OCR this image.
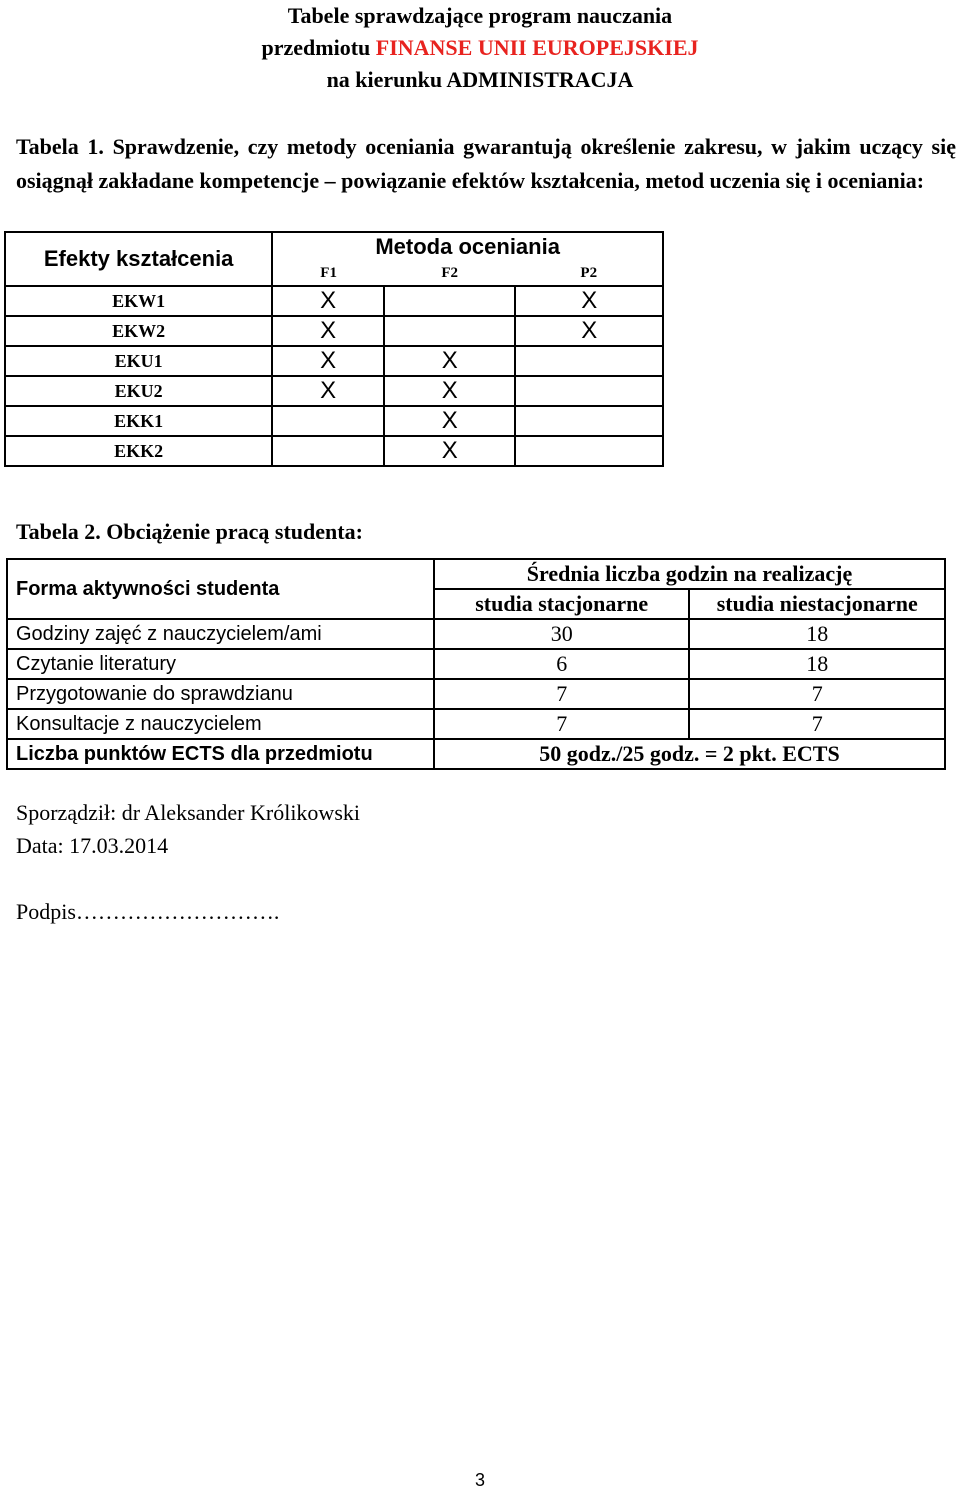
Tabele sprawdzające program nauczania
przedmiotu FINANSE UNII EUROPEJSKIEJ
na kierunku ADMINISTRACJA
Tabela 1. Sprawdzenie, czy metody oceniania gwarantują określenie zakresu, w jakim uczący się osiągnął zakładane kompetencje – powiązanie efektów kształcenia, metod uczenia się i oceniania:
Efekty kształcenia	Metoda oceniania		
	F1	F2	P2
EKW1	X		X
EKW2	X		X
EKU1	X	X	
EKU2	X	X	
EKK1		X	
EKK2		X	
Tabela 2. Obciążenie pracą studenta:
Forma aktywności studenta	Średnia liczba godzin na realizację	
	studia stacjonarne	studia niestacjonarne
Godziny zajęć z nauczycielem/ami	30	18
Czytanie literatury	6	18
Przygotowanie do sprawdzianu	7	7
Konsultacje z nauczycielem	7	7
Liczba punktów ECTS dla przedmiotu	50 godz./25 godz. = 2 pkt. ECTS	
Sporządził: dr Aleksander Królikowski
Data: 17.03.2014
Podpis……………………….
3
